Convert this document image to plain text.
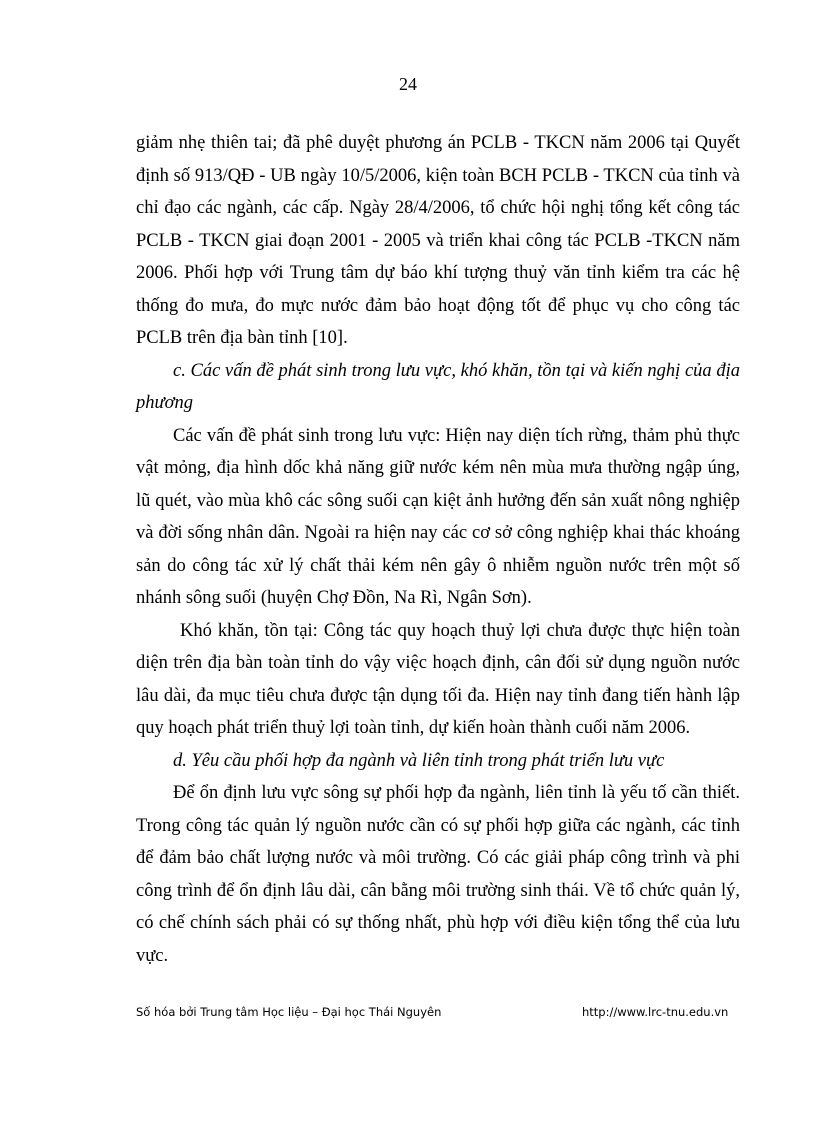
24

giảm nhẹ thiên tai; đã phê duyệt phương án PCLB - TKCN năm 2006 tại Quyết định số 913/QĐ - UB ngày 10/5/2006, kiện toàn BCH PCLB - TKCN của tỉnh và chỉ đạo các ngành, các cấp. Ngày 28/4/2006, tổ chức hội nghị tổng kết công tác PCLB - TKCN giai đoạn 2001 - 2005 và triển khai công tác PCLB -TKCN năm 2006. Phối hợp với Trung tâm dự báo khí tượng thuỷ văn tỉnh kiểm tra các hệ thống đo mưa, đo mực nước đảm bảo hoạt động tốt để phục vụ cho công tác PCLB trên địa bàn tỉnh [10].

c. Các vấn đề phát sinh trong lưu vực, khó khăn, tồn tại và kiến nghị của địa phương

Các vấn đề phát sinh trong lưu vực: Hiện nay diện tích rừng, thảm phủ thực vật mỏng, địa hình dốc khả năng giữ nước kém nên mùa mưa thường ngập úng, lũ quét, vào mùa khô các sông suối cạn kiệt ảnh hưởng đến sản xuất nông nghiệp và đời sống nhân dân. Ngoài ra hiện nay các cơ sở công nghiệp khai thác khoáng sản do công tác xử lý chất thải kém nên gây ô nhiễm nguồn nước trên một số nhánh sông suối (huyện Chợ Đồn, Na Rì, Ngân Sơn).

Khó khăn, tồn tại: Công tác quy hoạch thuỷ lợi chưa được thực hiện toàn diện trên địa bàn toàn tỉnh do vậy việc hoạch định, cân đối sử dụng nguồn nước lâu dài, đa mục tiêu chưa được tận dụng tối đa. Hiện nay tỉnh đang tiến hành lập quy hoạch phát triển thuỷ lợi toàn tỉnh, dự kiến hoàn thành cuối năm 2006.

d. Yêu cầu phối hợp đa ngành và liên tỉnh trong phát triển lưu vực

Để ổn định lưu vực sông sự phối hợp đa ngành, liên tỉnh là yếu tố cần thiết. Trong công tác quản lý nguồn nước cần có sự phối hợp giữa các ngành, các tỉnh để đảm bảo chất lượng nước và môi trường. Có các giải pháp công trình và phi công trình để ổn định lâu dài, cân bằng môi trường sinh thái. Về tổ chức quản lý, có chế chính sách phải có sự thống nhất, phù hợp với điều kiện tổng thể của lưu vực.

Số hóa bởi Trung tâm Học liệu – Đại học Thái Nguyên	http://www.lrc-tnu.edu.vn
